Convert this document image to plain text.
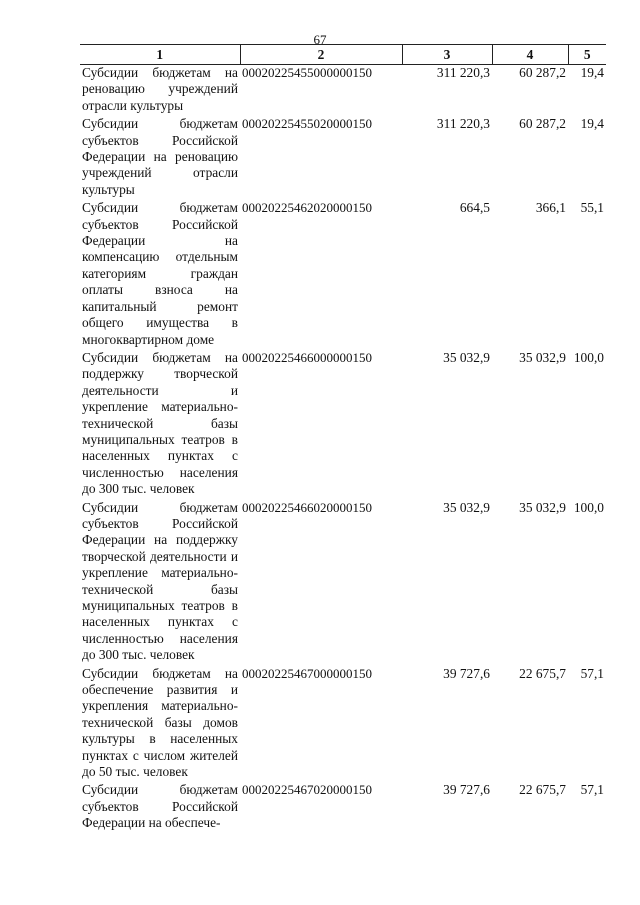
67
1	2	3	4	5
Субсидии бюджетам на реновацию учреждений отрасли культуры	00020225455000000150	311 220,3	60 287,2	19,4
Субсидии бюджетам субъектов Российской Федерации на реновацию учреждений отрасли культуры	00020225455020000150	311 220,3	60 287,2	19,4
Субсидии бюджетам субъектов Российской Федерации на компенсацию отдельным категориям граждан оплаты взноса на капитальный ремонт общего имущества в многоквартирном доме	00020225462020000150	664,5	366,1	55,1
Субсидии бюджетам на поддержку творческой деятельности и укрепление материально-технической базы муниципальных театров в населенных пунктах с численностью населения до 300 тыс. человек	00020225466000000150	35 032,9	35 032,9	100,0
Субсидии бюджетам субъектов Российской Федерации на поддержку творческой деятельности и укрепление материально-технической базы муниципальных театров в населенных пунктах с численностью населения до 300 тыс. человек	00020225466020000150	35 032,9	35 032,9	100,0
Субсидии бюджетам на обеспечение развития и укрепления материально-технической базы домов культуры в населенных пунктах с числом жителей до 50 тыс. человек	00020225467000000150	39 727,6	22 675,7	57,1
Субсидии бюджетам субъектов Российской Федерации на обеспече-	00020225467020000150	39 727,6	22 675,7	57,1
